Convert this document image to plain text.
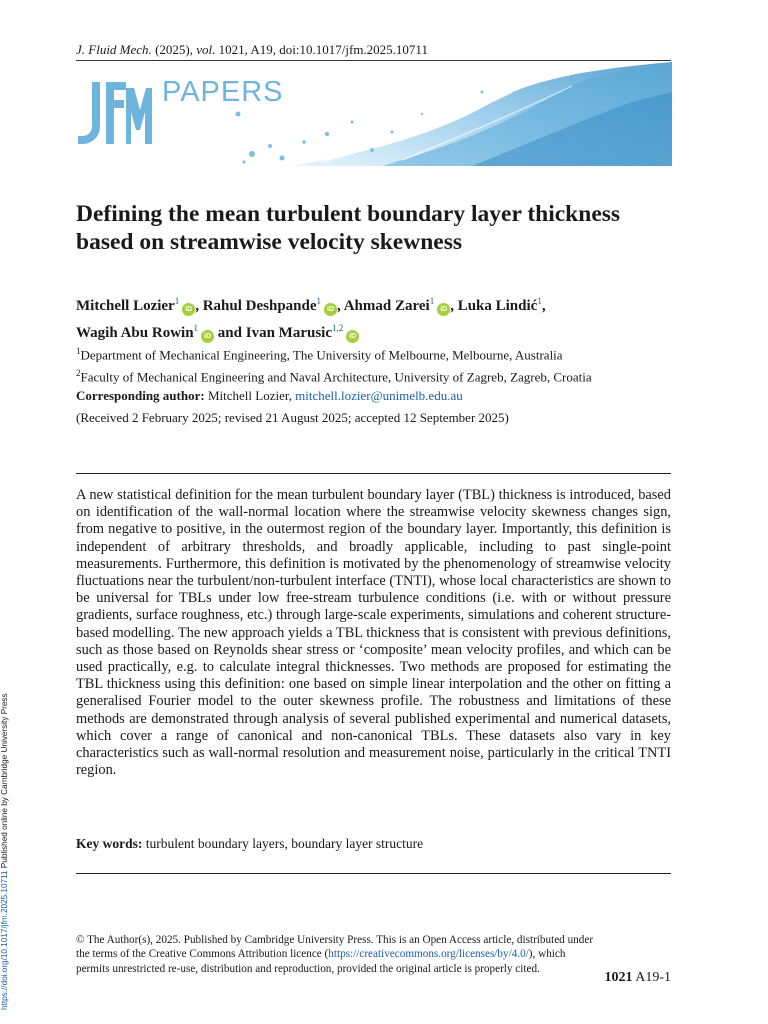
J. Fluid Mech. (2025), vol. 1021, A19, doi:10.1017/jfm.2025.10711
PAPERS
Defining the mean turbulent boundary layer thickness based on streamwise velocity skewness
Mitchell Lozier$^1$iD , Rahul Deshpande$^1$iD , Ahmad Zarei$^1$iD , Luka Lindić$^1$,
Wagih Abu Rowin$^1$iD and Ivan Marusic$^{1,2}$iD
$^1$Department of Mechanical Engineering, The University of Melbourne, Melbourne, Australia
$^2$Faculty of Mechanical Engineering and Naval Architecture, University of Zagreb, Zagreb, Croatia
Corresponding author: Mitchell Lozier, mitchell.lozier@unimelb.edu.au
(Received 2 February 2025; revised 21 August 2025; accepted 12 September 2025)

A new statistical definition for the mean turbulent boundary layer (TBL) thickness is introduced, based on identification of the wall-normal location where the streamwise velocity skewness changes sign, from negative to positive, in the outermost region of the boundary layer. Importantly, this definition is independent of arbitrary thresholds, and broadly applicable, including to past single-point measurements. Furthermore, this definition is motivated by the phenomenology of streamwise velocity fluctuations near the turbulent/non-turbulent interface (TNTI), whose local characteristics are shown to be universal for TBLs under low free-stream turbulence conditions (i.e. with or without pressure gradients, surface roughness, etc.) through large-scale experiments, simulations and coherent structure-based modelling. The new approach yields a TBL thickness that is consistent with previous definitions, such as those based on Reynolds shear stress or ‘composite’ mean velocity profiles, and which can be used practically, e.g. to calculate integral thicknesses. Two methods are proposed for estimating the TBL thickness using this definition: one based on simple linear interpolation and the other on fitting a generalised Fourier model to the outer skewness profile. The robustness and limitations of these methods are demonstrated through analysis of several published experimental and numerical datasets, which cover a range of canonical and non-canonical TBLs. These datasets also vary in key characteristics such as wall-normal resolution and measurement noise, particularly in the critical TNTI region.

Key words: turbulent boundary layers, boundary layer structure
© The Author(s), 2025. Published by Cambridge University Press. This is an Open Access article, distributed under the terms of the Creative Commons Attribution licence (https://creativecommons.org/licenses/by/4.0/), which permits unrestricted re-use, distribution and reproduction, provided the original article is properly cited.
1021 A19-1
https://doi.org/10.1017/jfm.2025.10711 Published online by Cambridge University Press
